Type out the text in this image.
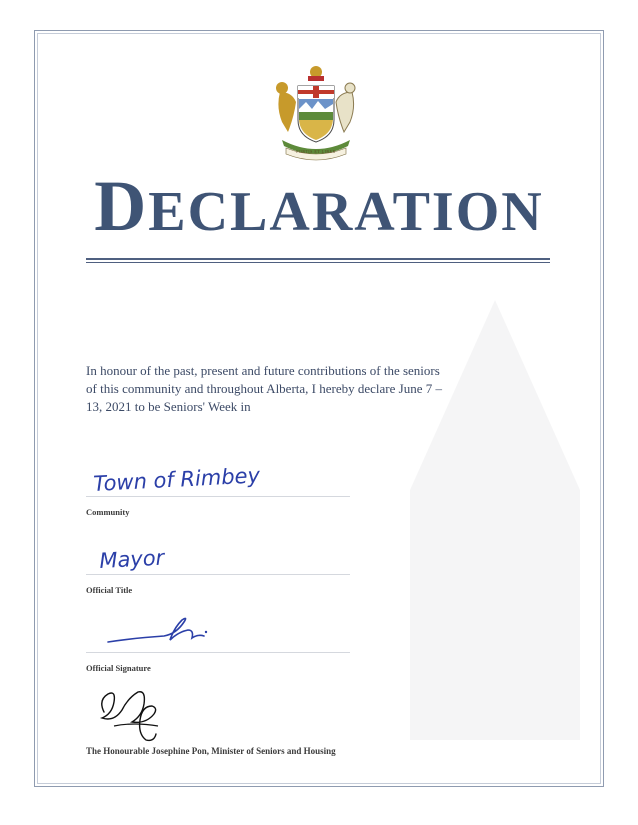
FORTIS ET LIBER
DECLARATION
In honour of the past, present and future contributions of the seniors of this community and throughout Alberta, I hereby declare June 7 – 13, 2021 to be Seniors' Week in
Town of Rimbey
Community
Mayor
Official Title
Official Signature
The Honourable Josephine Pon, Minister of Seniors and Housing
